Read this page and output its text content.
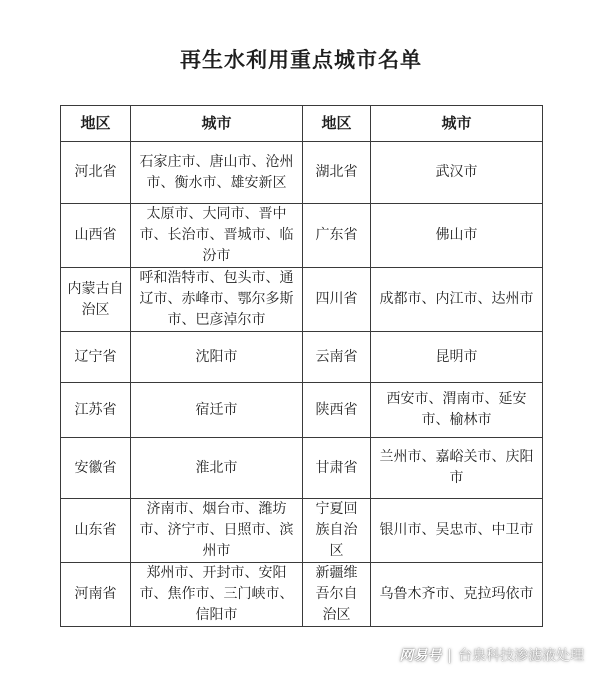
再生水利用重点城市名单
地区	城市	地区	城市
河北省	石家庄市、唐山市、沧州市、衡水市、雄安新区	湖北省	武汉市
山西省	太原市、大同市、晋中市、长治市、晋城市、临汾市	广东省	佛山市
内蒙古自治区	呼和浩特市、包头市、通辽市、赤峰市、鄂尔多斯市、巴彦淖尔市	四川省	成都市、内江市、达州市
辽宁省	沈阳市	云南省	昆明市
江苏省	宿迁市	陕西省	西安市、渭南市、延安市、榆林市
安徽省	淮北市	甘肃省	兰州市、嘉峪关市、庆阳市
山东省	济南市、烟台市、潍坊市、济宁市、日照市、滨州市	宁夏回族自治区	银川市、吴忠市、中卫市
河南省	郑州市、开封市、安阳市、焦作市、三门峡市、信阳市	新疆维吾尔自治区	乌鲁木齐市、克拉玛依市
网易号 | 台泉科技渗滤液处理
